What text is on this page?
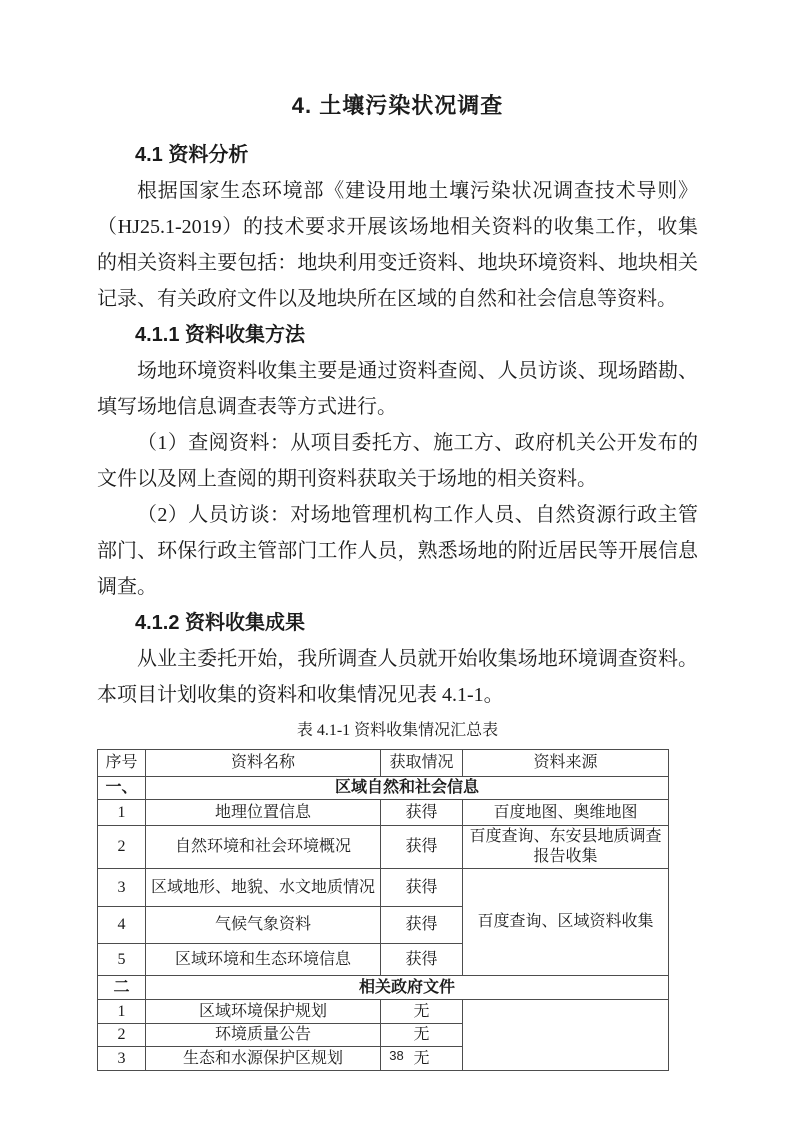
4. 土壤污染状况调查
4.1 资料分析

根据国家生态环境部《建设用地土壤污染状况调查技术导则》（HJ25.1-2019）的技术要求开展该场地相关资料的收集工作，收集的相关资料主要包括：地块利用变迁资料、地块环境资料、地块相关记录、有关政府文件以及地块所在区域的自然和社会信息等资料。

4.1.1 资料收集方法

场地环境资料收集主要是通过资料查阅、人员访谈、现场踏勘、填写场地信息调查表等方式进行。

（1）查阅资料：从项目委托方、施工方、政府机关公开发布的文件以及网上查阅的期刊资料获取关于场地的相关资料。

（2）人员访谈：对场地管理机构工作人员、自然资源行政主管部门、环保行政主管部门工作人员，熟悉场地的附近居民等开展信息调查。

4.1.2 资料收集成果

从业主委托开始，我所调查人员就开始收集场地环境调查资料。本项目计划收集的资料和收集情况见表 4.1-1。

表 4.1-1 资料收集情况汇总表
序号	资料名称	获取情况	资料来源
一、	区域自然和社会信息		
1	地理位置信息	获得	百度地图、奥维地图
2	自然环境和社会环境概况	获得	百度查询、东安县地质调查报告收集
3	区域地形、地貌、水文地质情况	获得	百度查询、区域资料收集
4	气候气象资料	获得	
5	区域环境和生态环境信息	获得	
二	相关政府文件		
1	区域环境保护规划	无	
2	环境质量公告	无	
3	生态和水源保护区规划	无	
38
